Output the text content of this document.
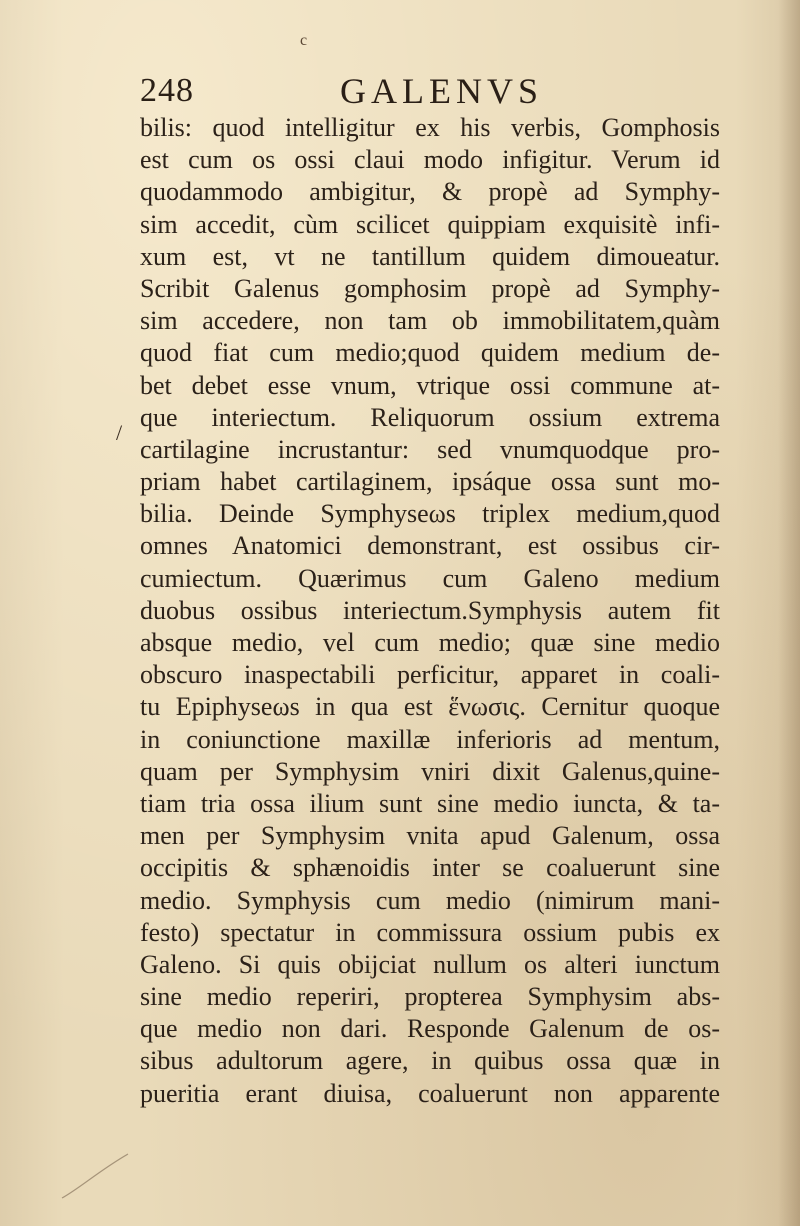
c
248	GALENVS
/
bilis: quod intelligitur ex his verbis, Gomphosis
est cum os ossi claui modo infigitur. Verum id
quodammodo ambigitur, & propè ad Symphy-
sim accedit, cùm scilicet quippiam exquisitè infi-
xum est, vt ne tantillum quidem dimoueatur.
Scribit Galenus gomphosim propè ad Symphy-
sim accedere, non tam ob immobilitatem,quàm
quod fiat cum medio;quod quidem medium de-
bet debet esse vnum, vtrique ossi commune at-
que interiectum. Reliquorum ossium extrema
cartilagine incrustantur: sed vnumquodque pro-
priam habet cartilaginem, ipsáque ossa sunt mo-
bilia. Deinde Symphyseωs triplex medium,quod
omnes Anatomici demonstrant, est ossibus cir-
cumiectum. Quærimus cum Galeno medium
duobus ossibus interiectum.Symphysis autem fit
absque medio, vel cum medio; quæ sine medio
obscuro inaspectabili perficitur, apparet in coali-
tu Epiphyseωs in qua est ἕνωσις. Cernitur quoque
in coniunctione maxillæ inferioris ad mentum,
quam per Symphysim vniri dixit Galenus,quine-
tiam tria ossa ilium sunt sine medio iuncta, & ta-
men per Symphysim vnita apud Galenum, ossa
occipitis & sphænoidis inter se coaluerunt sine
medio. Symphysis cum medio (nimirum mani-
festo) spectatur in commissura ossium pubis ex
Galeno. Si quis obijciat nullum os alteri iunctum
sine medio reperiri, propterea Symphysim abs-
que medio non dari. Responde Galenum de os-
sibus adultorum agere, in quibus ossa quæ in
pueritia erant diuisa, coaluerunt non apparente
